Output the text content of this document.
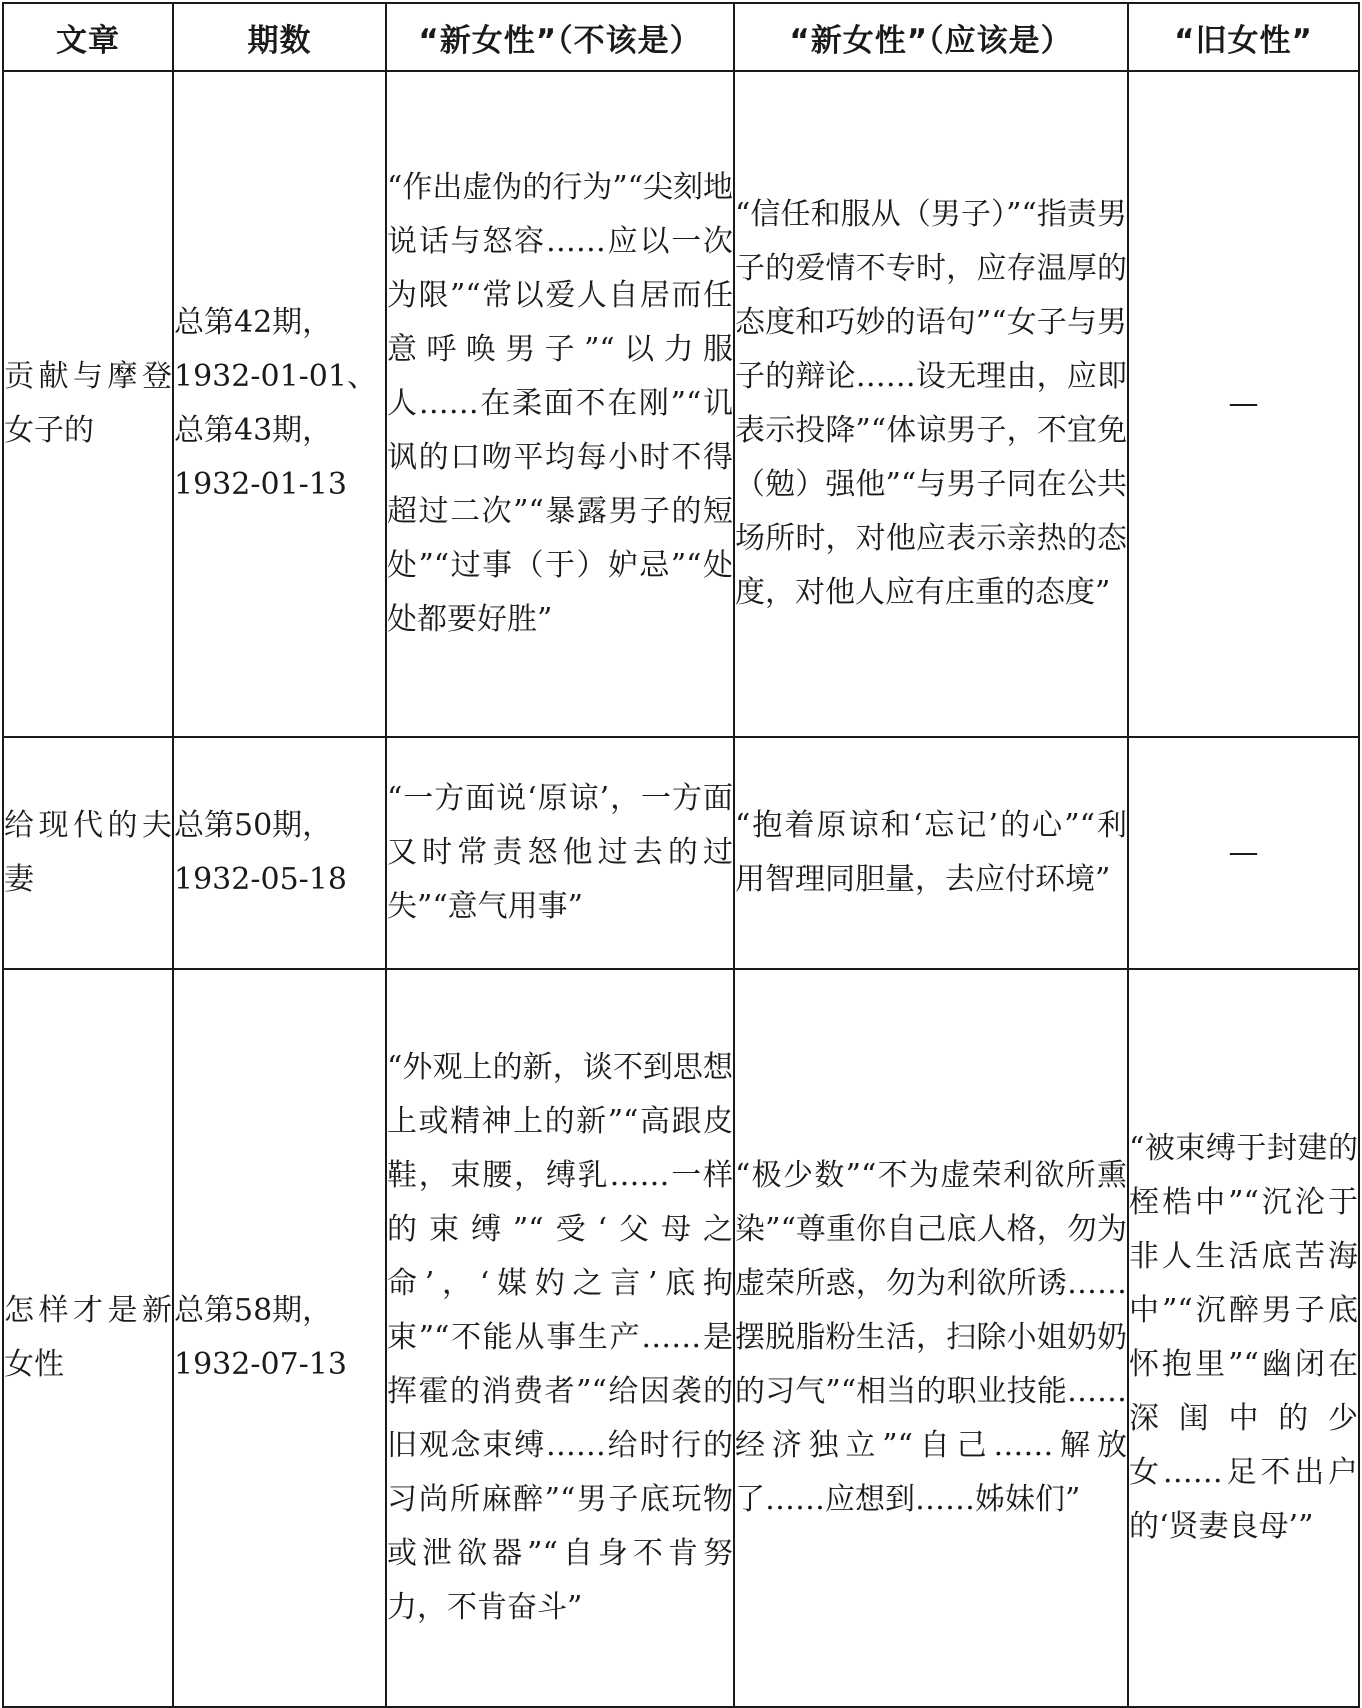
文章	期数	“新女性”（不该是）	“新女性”（应该是）	“旧女性”
贡献与摩登女子的	总第42期，
1932-01-01、
总第43期，
1932-01-13	“作出虚伪的行为”“尖刻地说话与怒容……应以一次为限”“常以爱人自居而任意呼唤男子”“以力服人……在柔面不在刚”“讥讽的口吻平均每小时不得超过二次”“暴露男子的短处”“过事（于）妒忌”“处处都要好胜”	“信任和服从（男子）”“指责男子的爱情不专时，应存温厚的态度和巧妙的语句”“女子与男子的辩论……设无理由，应即表示投降”“体谅男子，不宜免（勉）强他”“与男子同在公共场所时，对他应表示亲热的态度，对他人应有庄重的态度”	—
给现代的夫妻	总第50期，
1932-05-18	“一方面说‘原谅’，一方面又时常责怒他过去的过失”“意气用事”	“抱着原谅和‘忘记’的心”“利用智理同胆量，去应付环境”	—
怎样才是新女性	总第58期，
1932-07-13	“外观上的新，谈不到思想上或精神上的新”“高跟皮鞋，束腰，缚乳……一样的束缚”“受‘父母之命’，‘媒妁之言’底拘束”“不能从事生产……是挥霍的消费者”“给因袭的旧观念束缚……给时行的习尚所麻醉”“男子底玩物或泄欲器”“自身不肯努力，不肯奋斗”	“极少数”“不为虚荣利欲所熏染”“尊重你自己底人格，勿为虚荣所惑，勿为利欲所诱……摆脱脂粉生活，扫除小姐奶奶的习气”“相当的职业技能……经济独立”“自己……解放了……应想到……姊妹们”	“被束缚于封建的桎梏中”“沉沦于非人生活底苦海中”“沉醉男子底怀抱里”“幽闭在深闺中的少女……足不出户的‘贤妻良母’”
